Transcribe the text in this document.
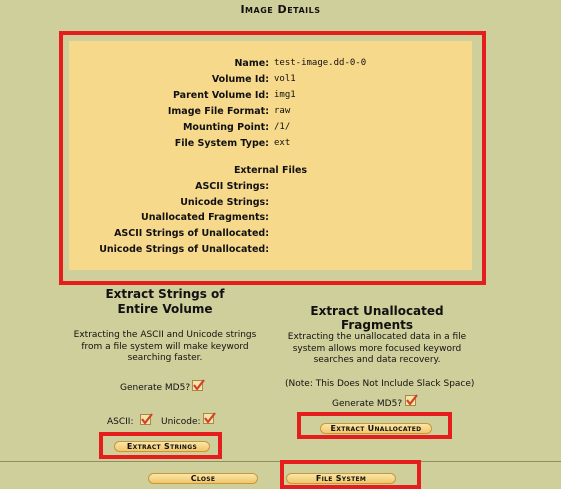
Image Details
Name: test-image.dd-0-0
Volume Id: vol1
Parent Volume Id: img1
Image File Format: raw
Mounting Point: /1/
File System Type: ext
External Files
ASCII Strings:
Unicode Strings:
Unallocated Fragments:
ASCII Strings of Unallocated:
Unicode Strings of Unallocated:
Extract Strings of
Entire Volume
Extracting the ASCII and Unicode strings
from a file system will make keyword
searching faster.
Generate MD5?
ASCII:	Unicode:
Extract Strings
Extract Unallocated Fragments
Extracting the unallocated data in a file
system allows more focused keyword
searches and data recovery.
(Note: This Does Not Include Slack Space)
Generate MD5?
Extract Unallocated
Close	File System
